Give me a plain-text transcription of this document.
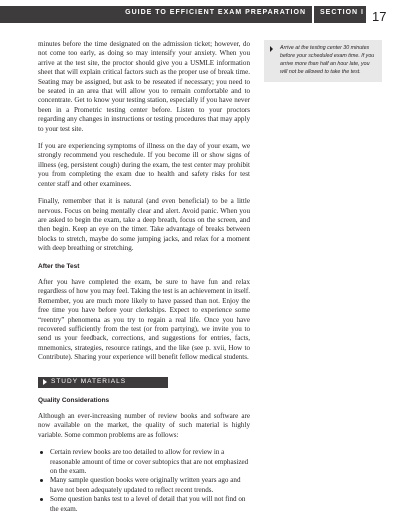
GUIDE TO EFFICIENT EXAM PREPARATION SECTION I 17

minutes before the time designated on the admission ticket; however, do not come too early, as doing so may intensify your anxiety. When you arrive at the test site, the proctor should give you a USMLE information sheet that will explain critical factors such as the proper use of break time. Seating may be assigned, but ask to be reseated if necessary; you need to be seated in an area that will allow you to remain comfortable and to concentrate. Get to know your testing station, especially if you have never been in a Prometric testing center before. Listen to your proctors regarding any changes in instructions or testing procedures that may apply to your test site.

If you are experiencing symptoms of illness on the day of your exam, we strongly recommend you reschedule. If you become ill or show signs of illness (eg, persistent cough) during the exam, the test center may prohibit you from completing the exam due to health and safety risks for test center staff and other examinees.

Finally, remember that it is natural (and even beneficial) to be a little nervous. Focus on being mentally clear and alert. Avoid panic. When you are asked to begin the exam, take a deep breath, focus on the screen, and then begin. Keep an eye on the timer. Take advantage of breaks between blocks to stretch, maybe do some jumping jacks, and relax for a moment with deep breathing or stretching.

After the Test

After you have completed the exam, be sure to have fun and relax regardless of how you may feel. Taking the test is an achievement in itself. Remember, you are much more likely to have passed than not. Enjoy the free time you have before your clerkships. Expect to experience some “reentry” phenomena as you try to regain a real life. Once you have recovered sufficiently from the test (or from partying), we invite you to send us your feedback, corrections, and suggestions for entries, facts, mnemonics, strategies, resource ratings, and the like (see p. xvii, How to Contribute). Sharing your experience will benefit fellow medical students.

STUDY MATERIALS
Quality Considerations

Although an ever-increasing number of review books and software are now available on the market, the quality of such material is highly variable. Some common problems are as follows:

Certain review books are too detailed to allow for review in a reasonable amount of time or cover subtopics that are not emphasized on the exam.
Many sample question books were originally written years ago and have not been adequately updated to reflect recent trends.
Some question banks test to a level of detail that you will not find on the exam.
Arrive at the testing center 30 minutes before your scheduled exam time. If you arrive more than half an hour late, you will not be allowed to take the test.
